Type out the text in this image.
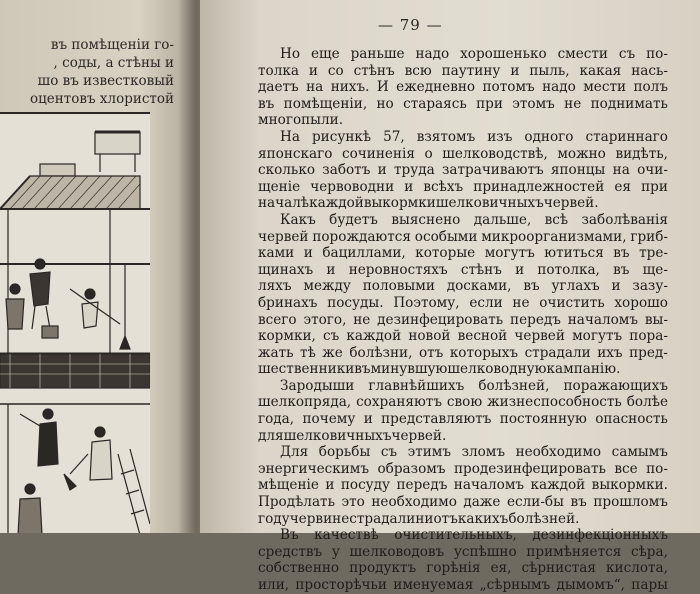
въ помѣщеніи го-
, соды, а стѣны и
шо въ известковый
оцентовъ хлористой
— 79 —
Но еще раньше надо хорошенько смести съ по-
толка и со стѣнъ всю паутину и пыль, какая нась-
даетъ на нихъ. И ежедневно потомъ надо мести полъ
въ помѣщеніи, но стараясь при этомъ не поднимать
много пыли.
На рисункѣ 57, взятомъ изъ одного стариннаго
японскаго сочиненія о шелководствѣ, можно видѣть,
сколько заботъ и труда затрачиваютъ японцы на очи-
щеніе червоводни и всѣхъ принадлежностей ея при
началѣ каждой выкормки шелковичныхъ червей.
Какъ будетъ выяснено дальше, всѣ заболѣванія
червей порождаются особыми микроорганизмами, гриб-
ками и бациллами, которые могутъ ютиться въ тре-
щинахъ и неровностяхъ стѣнъ и потолка, въ ще-
ляхъ между половыми досками, въ углахъ и зазу-
бринахъ посуды. Поэтому, если не очистить хорошо
всего этого, не дезинфецировать передъ началомъ вы-
кормки, съ каждой новой весной червей могутъ пора-
жать тѣ же болѣзни, отъ которыхъ страдали ихъ пред-
шественники въ минувшую шелководную кампанію.
Зародыши главнѣйшихъ болѣзней, поражающихъ
шелкопряда, сохраняютъ свою жизнеспособность болѣе
года, почему и представляютъ постоянную опасность
для шелковичныхъ червей.
Для борьбы съ этимъ зломъ необходимо самымъ
энергическимъ образомъ продезинфецировать все по-
мѣщеніе и посуду передъ началомъ каждой выкормки.
Продѣлать это необходимо даже если-бы въ прошломъ
году черви не страдали ни отъ какихъ болѣзней.
Въ качествѣ очистительныхъ, дезинфекціонныхъ
средствъ у шелководовъ успѣшно примѣняется сѣра,
собственно продуктъ горѣнія ея, сѣрнистая кислота,
или, просторѣчьи именуемая „сѣрнымъ дымомъ“, пары
